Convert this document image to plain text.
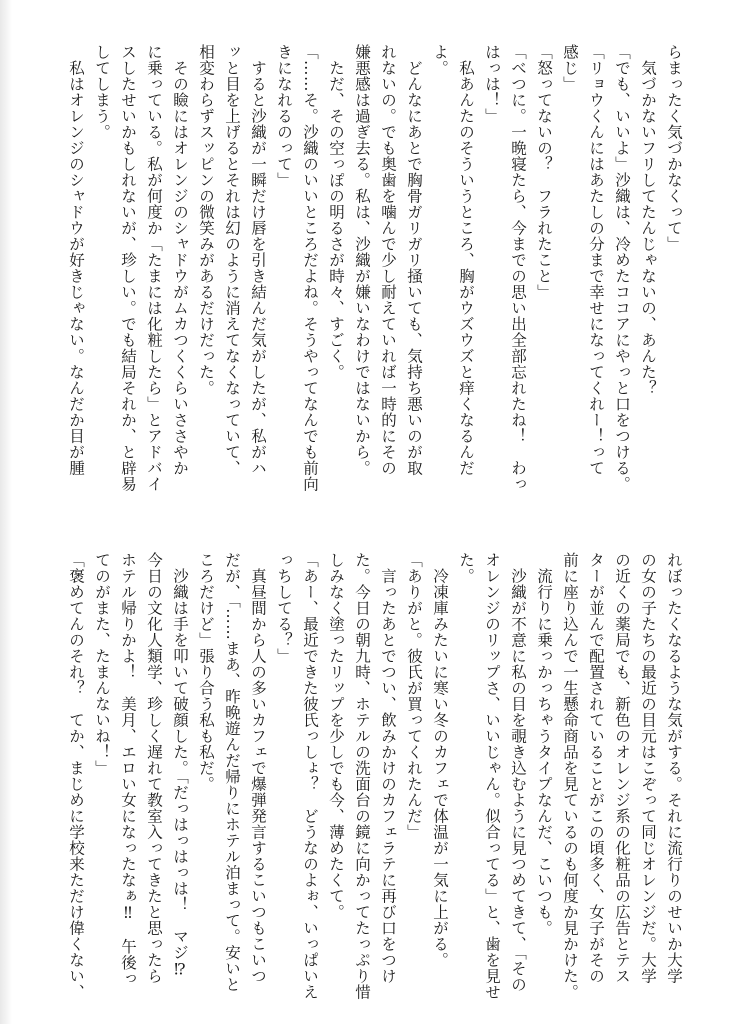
らまったく気づかなくって」
　気づかないフリしてたんじゃないの、あんた？
「でも、いいよ」沙織は、冷めたココアにやっと口をつける。
「リョウくんにはあたしの分まで幸せになってくれー！って
感じ」
「怒ってないの？　フラれたこと」
「べつに。一晩寝たら、今までの思い出全部忘れたね！　わっ
はっは！」
　私あんたのそういうところ、胸がウズウズと痒くなるんだ
よ。
　どんなにあとで胸骨ガリガリ掻いても、気持ち悪いのが取
れないの。でも奥歯を噛んで少し耐えていれば一時的にその
嫌悪感は過ぎ去る。私は、沙織が嫌いなわけではないから。
　ただ、その空っぽの明るさが時々、すごく。
「……そ。沙織のいいところだよね。そうやってなんでも前向
きになれるのって」
　すると沙織が一瞬だけ唇を引き結んだ気がしたが、私がハ
ッと目を上げるとそれは幻のように消えてなくなっていて、
相変わらずスッピンの微笑みがあるだけだった。
　その瞼にはオレンジのシャドウがムカつくくらいささやか
に乗っている。私が何度か「たまには化粧したら」とアドバイ
スしたせいかもしれないが、珍しい。でも結局それか、と辟易
してしまう。
　私はオレンジのシャドウが好きじゃない。なんだか目が腫
れぼったくなるような気がする。それに流行りのせいか大学
の女の子たちの最近の目元はこぞって同じオレンジだ。大学
の近くの薬局でも、新色のオレンジ系の化粧品の広告とテス
ターが並んで配置されていることがこの頃多く、女子がその
前に座り込んで一生懸命商品を見ているのも何度か見かけた。
　流行りに乗っかっちゃうタイプなんだ、こいつも。
　沙織が不意に私の目を覗き込むように見つめてきて、「その
オレンジのリップさ、いいじゃん。似合ってる」と、歯を見せ
た。
　冷凍庫みたいに寒い冬のカフェで体温が一気に上がる。
「ありがと。彼氏が買ってくれたんだ」
　言ったあとでつい、飲みかけのカフェラテに再び口をつけ
た。今日の朝九時、ホテルの洗面台の鏡に向かってたっぷり惜
しみなく塗ったリップを少しでも今、薄めたくて。
「あー、最近できた彼氏っしょ？　どうなのよぉ、いっぱいえ
っちしてる？」
　真昼間から人の多いカフェで爆弾発言するこいつもこいつ
だが、「……まあ、昨晩遊んだ帰りにホテル泊まって。安いと
ころだけど」張り合う私も私だ。
　沙織は手を叩いて破顔した。「だっはっはっは！　マジ⁉
今日の文化人類学、珍しく遅れて教室入ってきたと思ったら
ホテル帰りかよ！　美月、エロい女になったなぁ‼　午後っ
てのがまた、たまんないね！」
「褒めてんのそれ？　てか、まじめに学校来ただけ偉くない、
